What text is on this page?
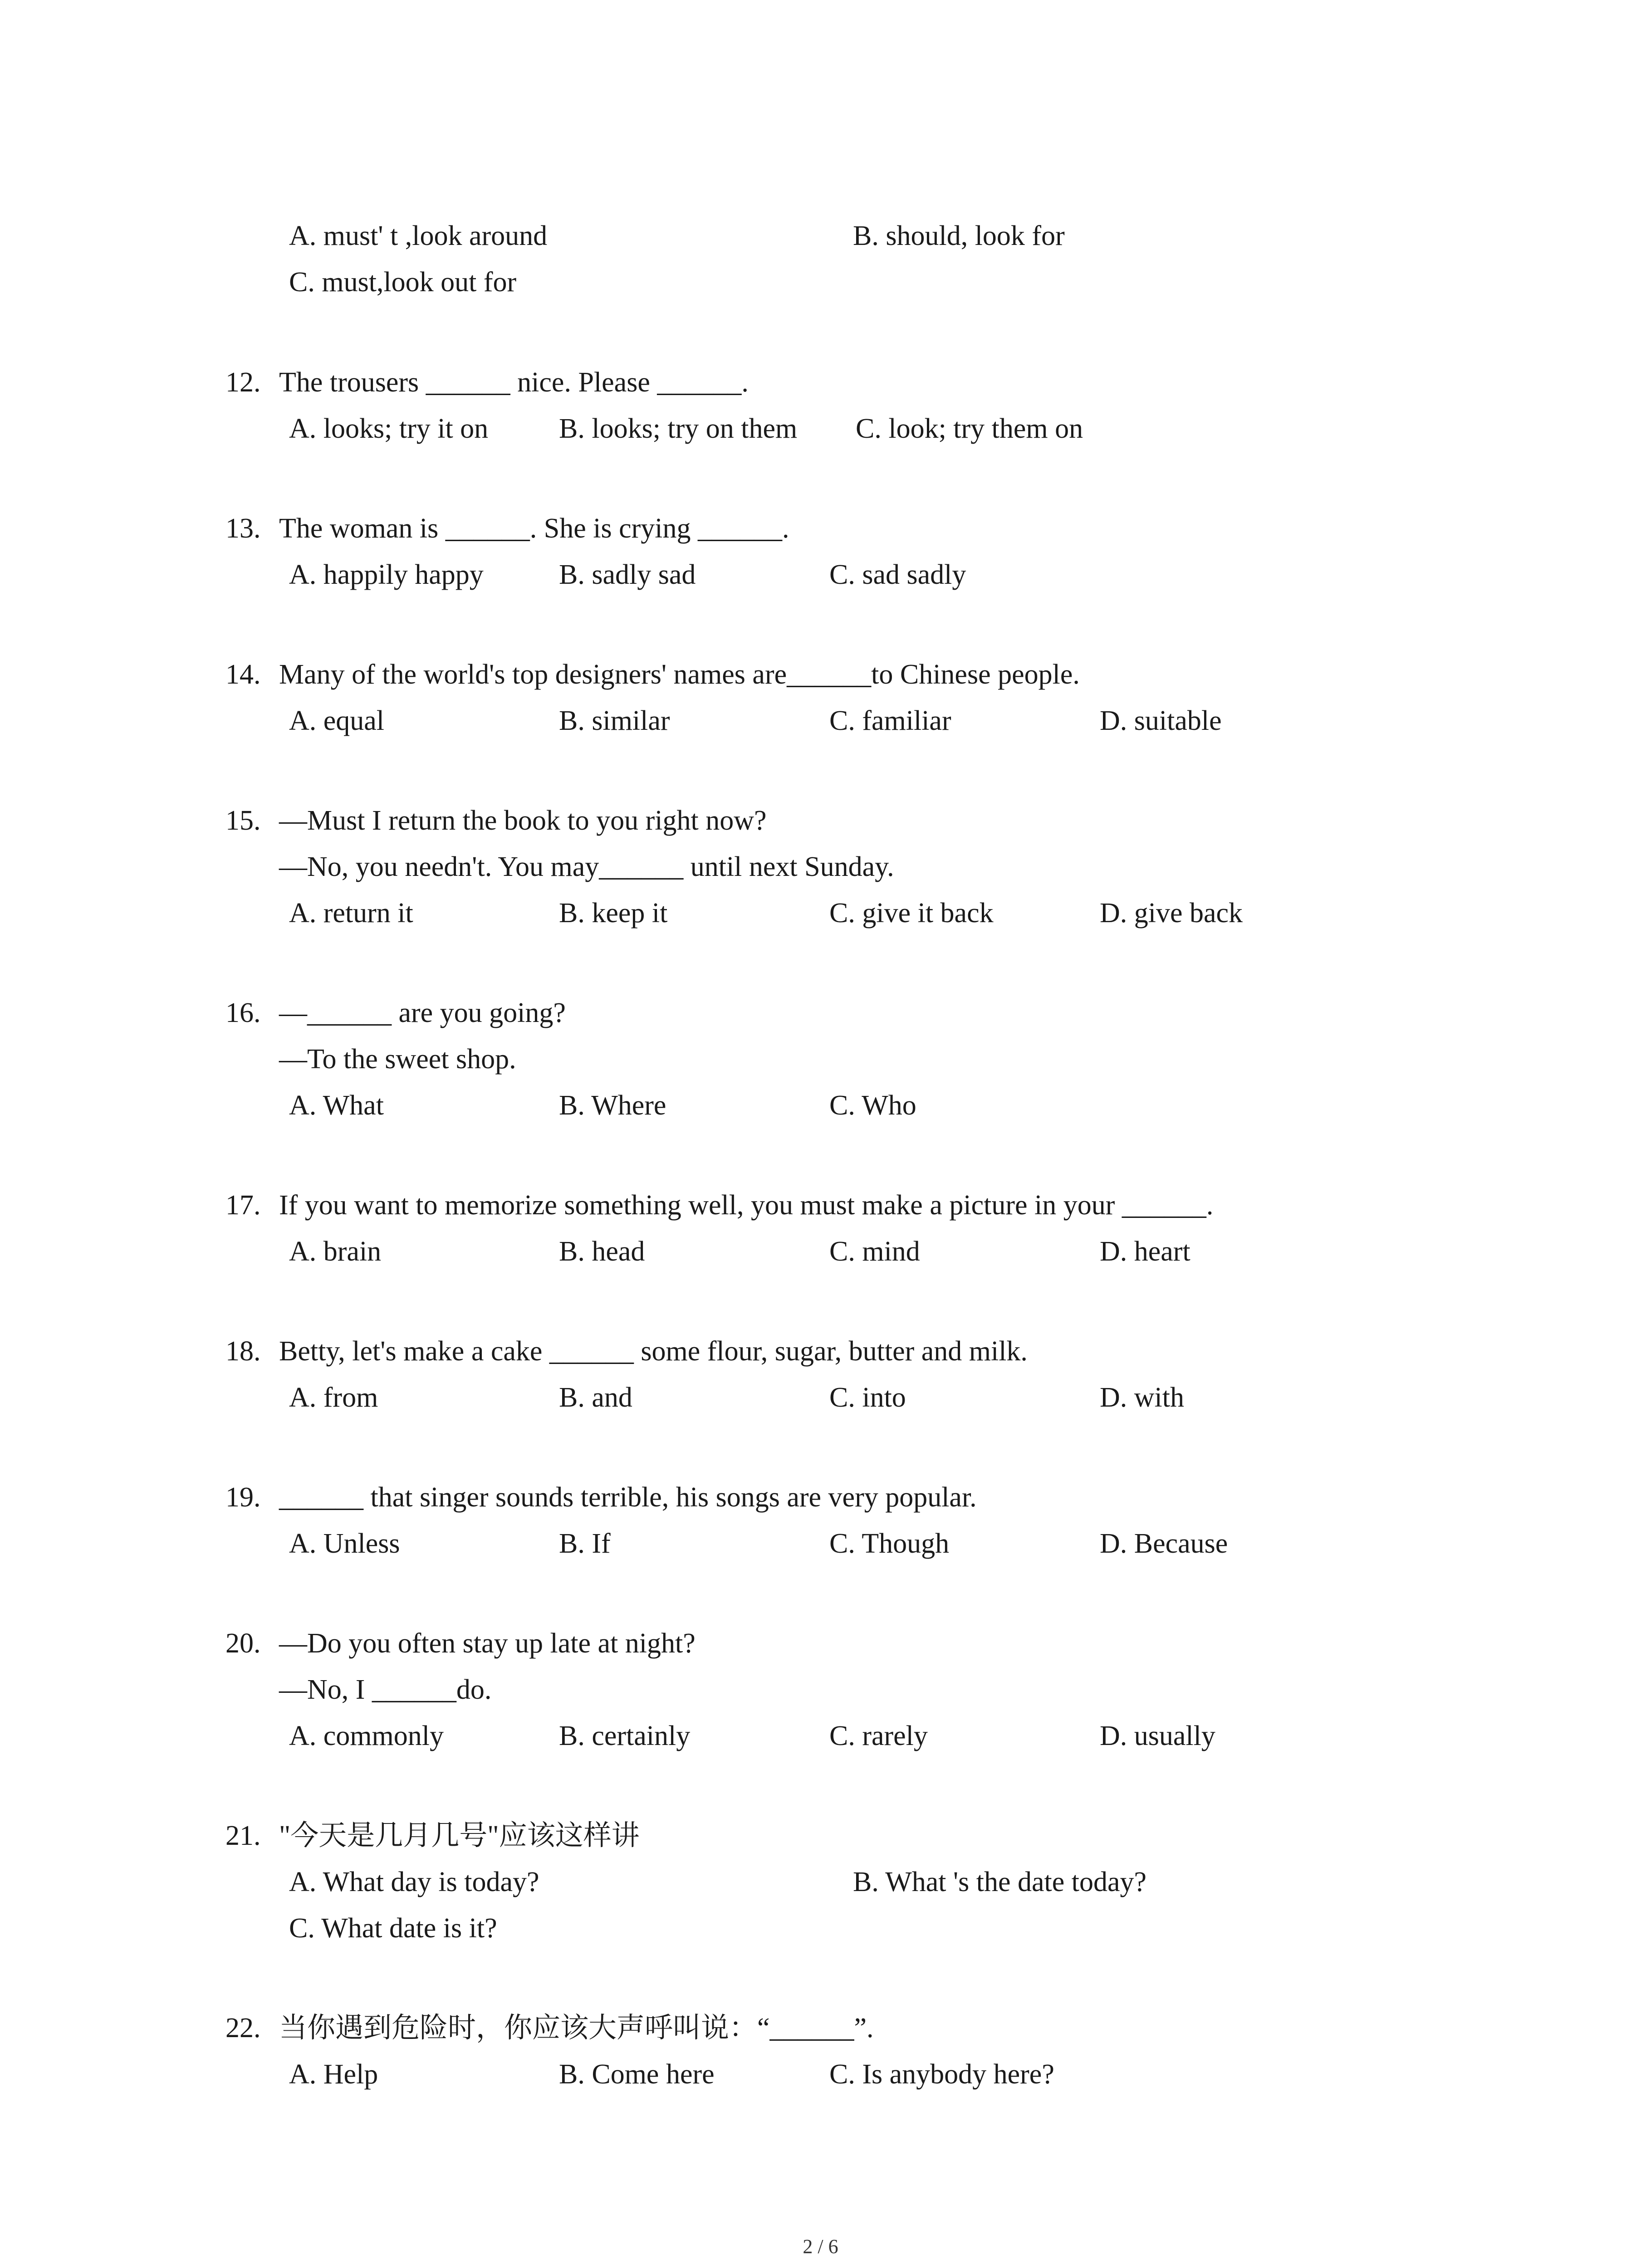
A. must' t ,look around	B. should, look for
C. must,look out for
12. The trousers ______ nice. Please ______.
A. looks; try it on	B. looks; try on them C. look; try them on
13. The woman is ______. She is crying ______.
A. happily happy	B. sadly sad	C. sad sadly
14. Many of the world's top designers' names are______to Chinese people.
A. equal	B. similar	C. familiar	D. suitable
15. —Must I return the book to you right now?
—No, you needn't. You may______ until next Sunday.
A. return it	B. keep it	C. give it back	D. give back
16. —______ are you going?
—To the sweet shop.
A. What	B. Where	C. Who
17. If you want to memorize something well, you must make a picture in your ______.
A. brain	B. head	C. mind	D. heart
18. Betty, let's make a cake ______ some flour, sugar, butter and milk.
A. from	B. and	C. into	D. with
19. ______ that singer sounds terrible, his songs are very popular.
A. Unless	B. If	C. Though	D. Because
20. —Do you often stay up late at night?
—No, I ______do.
A. commonly	B. certainly	C. rarely	D. usually
21. "今天是几月几号"应该这样讲
A. What day is today?	B. What 's the date today?
C. What date is it?
22. 当你遇到危险时，你应该大声呼叫说：“______”.
A. Help	B. Come here	C. Is anybody here?
2 / 6
